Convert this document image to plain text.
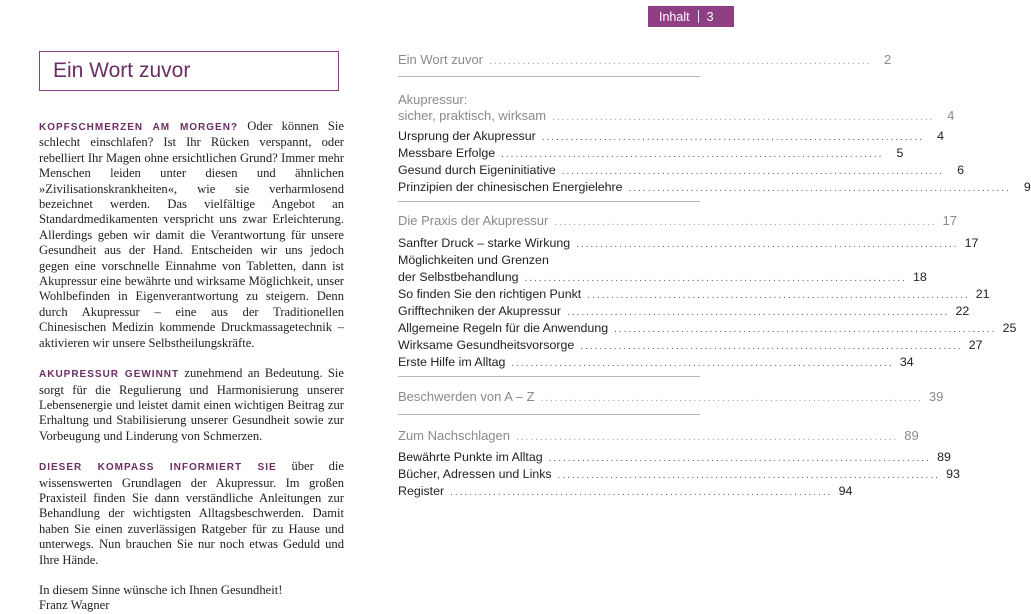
Inhalt 3
Ein Wort zuvor

KOPFSCHMERZEN AM MORGEN? Oder können Sie schlecht einschlafen? Ist Ihr Rücken verspannt, oder rebelliert Ihr Magen ohne ersichtlichen Grund? Immer mehr Menschen leiden unter diesen und ähnlichen »Zivilisationskrankheiten«, wie sie verharmlosend bezeichnet werden. Das vielfältige Angebot an Standardmedikamenten verspricht uns zwar Erleichterung. Allerdings geben wir damit die Verantwortung für unsere Gesundheit aus der Hand. Entscheiden wir uns jedoch gegen eine vorschnelle Einnahme von Tabletten, dann ist Akupressur eine bewährte und wirksame Möglichkeit, unser Wohlbefinden in Eigenverantwortung zu steigern. Denn durch Akupressur – eine aus der Traditionellen Chinesischen Medizin kommende Druckmassagetechnik – aktivieren wir unsere Selbstheilungskräfte.

AKUPRESSUR GEWINNT zunehmend an Bedeutung. Sie sorgt für die Regulierung und Harmonisierung unserer Lebensenergie und leistet damit einen wichtigen Beitrag zur Erhaltung und Stabilisierung unserer Gesundheit sowie zur Vorbeugung und Linderung von Schmerzen.

DIESER KOMPASS INFORMIERT SIE über die wissenswerten Grundlagen der Akupressur. Im großen Praxisteil finden Sie dann verständliche Anleitungen zur Behandlung der wichtigsten Alltagsbeschwerden. Damit haben Sie einen zuverlässigen Ratgeber für zu Hause und unterwegs. Nun brauchen Sie nur noch etwas Geduld und Ihre Hände.

In diesem Sinne wünsche ich Ihnen Gesundheit!
Franz Wagner

Ein Wort zuvor ................................................................................ 2
Akupressur:
sicher, praktisch, wirksam ................................................................................ 4
Ursprung der Akupressur ................................................................................	4
Messbare Erfolge ................................................................................	5
Gesund durch Eigeninitiative ................................................................................	6
Prinzipien der chinesischen Energielehre ................................................................................	9
Die Praxis der Akupressur ................................................................................ 17
Sanfter Druck – starke Wirkung ................................................................................ 17
Möglichkeiten und Grenzen
der Selbstbehandlung ................................................................................ 18
So finden Sie den richtigen Punkt ................................................................................ 21
Grifftechniken der Akupressur ................................................................................ 22
Allgemeine Regeln für die Anwendung ................................................................................ 25
Wirksame Gesundheitsvorsorge ................................................................................ 27
Erste Hilfe im Alltag ................................................................................ 34
Beschwerden von A – Z ................................................................................ 39
Zum Nachschlagen ................................................................................ 89
Bewährte Punkte im Alltag ................................................................................ 89
Bücher, Adressen und Links ................................................................................ 93
Register ................................................................................ 94
